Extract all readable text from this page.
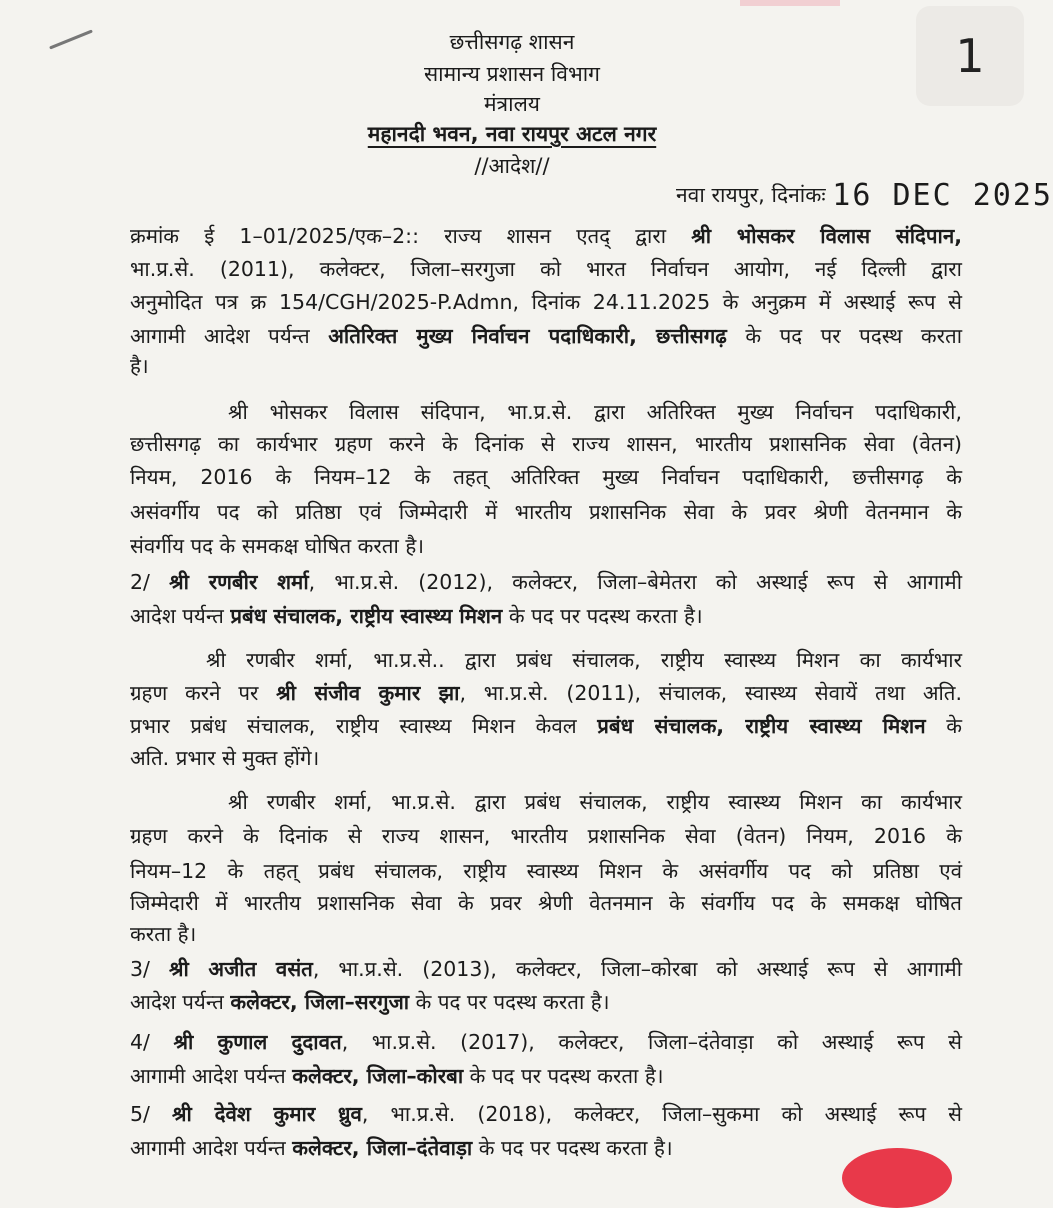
छत्तीसगढ़ शासन
सामान्य प्रशासन विभाग
मंत्रालय
महानदी भवन, नवा रायपुर अटल नगर
//आदेश//
1
नवा रायपुर, दिनांकः 16 DEC 2025
क्रमांक ई 1–01/2025/एक–2:: राज्य शासन एतद् द्वारा श्री भोसकर विलास संदिपान,
भा.प्र.से. (2011), कलेक्टर, जिला–सरगुजा को भारत निर्वाचन आयोग, नई दिल्ली द्वारा
अनुमोदित पत्र क्र 154/CGH/2025-P.Admn, दिनांक 24.11.2025 के अनुक्रम में अस्थाई रूप से
आगामी आदेश पर्यन्त अतिरिक्त मुख्य निर्वाचन पदाधिकारी, छत्तीसगढ़ के पद पर पदस्थ करता
है।
श्री भोसकर विलास संदिपान, भा.प्र.से. द्वारा अतिरिक्त मुख्य निर्वाचन पदाधिकारी,
छत्तीसगढ़ का कार्यभार ग्रहण करने के दिनांक से राज्य शासन, भारतीय प्रशासनिक सेवा (वेतन)
नियम, 2016 के नियम–12 के तहत् अतिरिक्त मुख्य निर्वाचन पदाधिकारी, छत्तीसगढ़ के
असंवर्गीय पद को प्रतिष्ठा एवं जिम्मेदारी में भारतीय प्रशासनिक सेवा के प्रवर श्रेणी वेतनमान के
संवर्गीय पद के समकक्ष घोषित करता है।
2/ श्री रणबीर शर्मा, भा.प्र.से. (2012), कलेक्टर, जिला–बेमेतरा को अस्थाई रूप से आगामी
आदेश पर्यन्त प्रबंध संचालक, राष्ट्रीय स्वास्थ्य मिशन के पद पर पदस्थ करता है।
श्री रणबीर शर्मा, भा.प्र.से.. द्वारा प्रबंध संचालक, राष्ट्रीय स्वास्थ्य मिशन का कार्यभार
ग्रहण करने पर श्री संजीव कुमार झा, भा.प्र.से. (2011), संचालक, स्वास्थ्य सेवायें तथा अति.
प्रभार प्रबंध संचालक, राष्ट्रीय स्वास्थ्य मिशन केवल प्रबंध संचालक, राष्ट्रीय स्वास्थ्य मिशन के
अति. प्रभार से मुक्त होंगे।
श्री रणबीर शर्मा, भा.प्र.से. द्वारा प्रबंध संचालक, राष्ट्रीय स्वास्थ्य मिशन का कार्यभार
ग्रहण करने के दिनांक से राज्य शासन, भारतीय प्रशासनिक सेवा (वेतन) नियम, 2016 के
नियम–12 के तहत् प्रबंध संचालक, राष्ट्रीय स्वास्थ्य मिशन के असंवर्गीय पद को प्रतिष्ठा एवं
जिम्मेदारी में भारतीय प्रशासनिक सेवा के प्रवर श्रेणी वेतनमान के संवर्गीय पद के समकक्ष घोषित
करता है।
3/ श्री अजीत वसंत, भा.प्र.से. (2013), कलेक्टर, जिला–कोरबा को अस्थाई रूप से आगामी
आदेश पर्यन्त कलेक्टर, जिला–सरगुजा के पद पर पदस्थ करता है।
4/ श्री कुणाल दुदावत, भा.प्र.से. (2017), कलेक्टर, जिला–दंतेवाड़ा को अस्थाई रूप से
आगामी आदेश पर्यन्त कलेक्टर, जिला–कोरबा के पद पर पदस्थ करता है।
5/ श्री देवेश कुमार ध्रुव, भा.प्र.से. (2018), कलेक्टर, जिला–सुकमा को अस्थाई रूप से
आगामी आदेश पर्यन्त कलेक्टर, जिला–दंतेवाड़ा के पद पर पदस्थ करता है।
